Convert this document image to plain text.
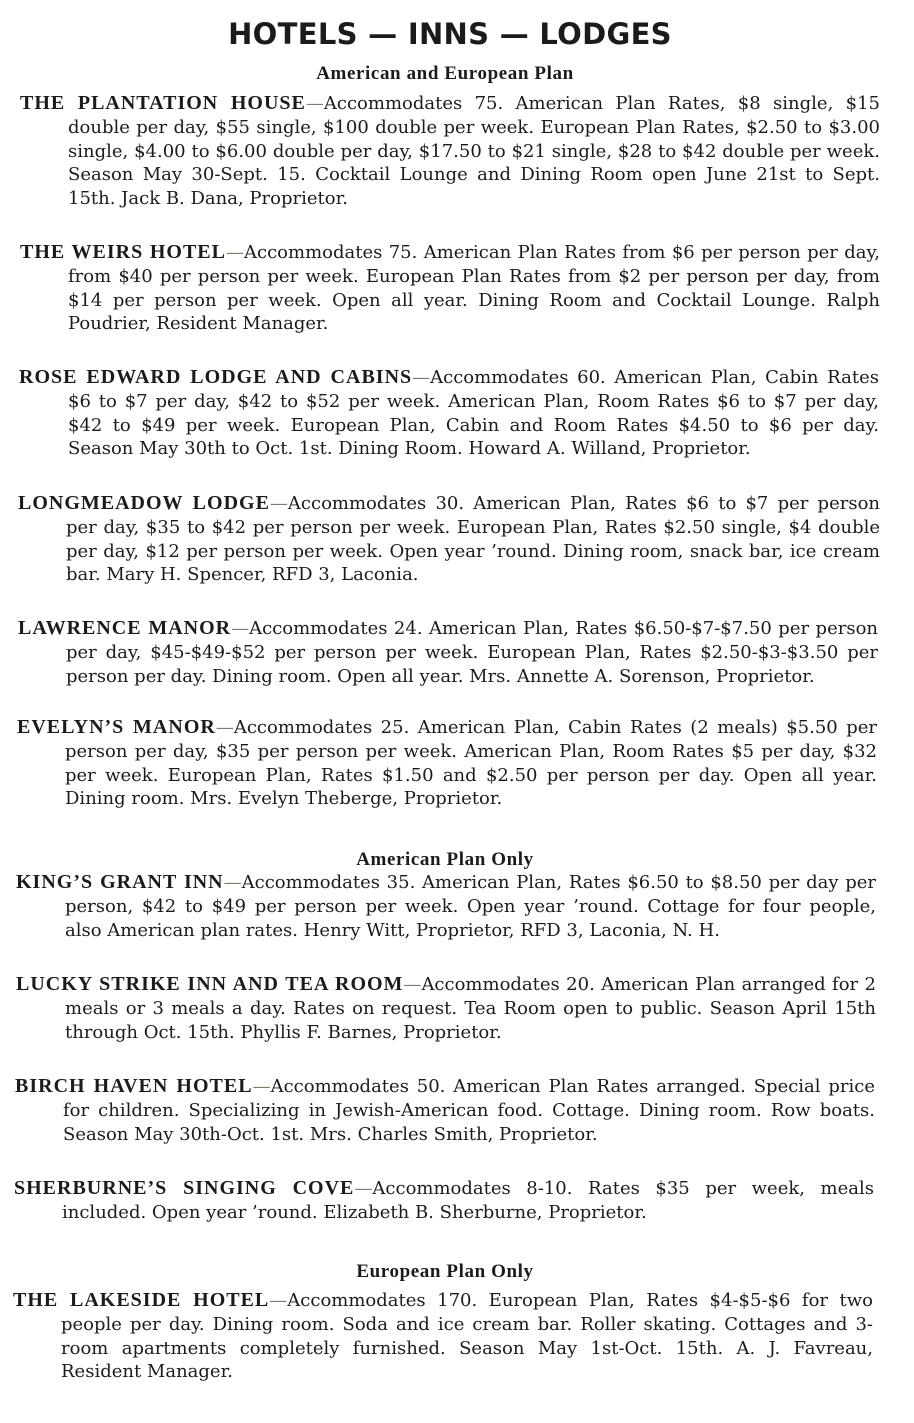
HOTELS — INNS — LODGES
American and European Plan

THE PLANTATION HOUSE—Accommodates 75. American Plan Rates, $8 single, $15 double per day, $55 single, $100 double per week. European Plan Rates, $2.50 to $3.00 single, $4.00 to $6.00 double per day, $17.50 to $21 single, $28 to $42 double per week. Season May 30-Sept. 15. Cocktail Lounge and Dining Room open June 21st to Sept. 15th. Jack B. Dana, Proprietor.

THE WEIRS HOTEL—Accommodates 75. American Plan Rates from $6 per person per day, from $40 per person per week. European Plan Rates from $2 per person per day, from $14 per person per week. Open all year. Dining Room and Cocktail Lounge. Ralph Poudrier, Resident Manager.

ROSE EDWARD LODGE AND CABINS—Accommodates 60. American Plan, Cabin Rates $6 to $7 per day, $42 to $52 per week. American Plan, Room Rates $6 to $7 per day, $42 to $49 per week. European Plan, Cabin and Room Rates $4.50 to $6 per day. Season May 30th to Oct. 1st. Dining Room. Howard A. Willand, Proprietor.

LONGMEADOW LODGE—Accommodates 30. American Plan, Rates $6 to $7 per person per day, $35 to $42 per person per week. European Plan, Rates $2.50 single, $4 double per day, $12 per person per week. Open year ’round. Dining room, snack bar, ice cream bar. Mary H. Spencer, RFD 3, Laconia.

LAWRENCE MANOR—Accommodates 24. American Plan, Rates $6.50-$7-$7.50 per person per day, $45-$49-$52 per person per week. European Plan, Rates $2.50-$3-$3.50 per person per day. Dining room. Open all year. Mrs. Annette A. Sorenson, Proprietor.

EVELYN’S MANOR—Accommodates 25. American Plan, Cabin Rates (2 meals) $5.50 per person per day, $35 per person per week. American Plan, Room Rates $5 per day, $32 per week. European Plan, Rates $1.50 and $2.50 per person per day. Open all year. Dining room. Mrs. Evelyn Theberge, Proprietor.

American Plan Only

KING’S GRANT INN—Accommodates 35. American Plan, Rates $6.50 to $8.50 per day per person, $42 to $49 per person per week. Open year ’round. Cottage for four people, also American plan rates. Henry Witt, Proprietor, RFD 3, Laconia, N. H.

LUCKY STRIKE INN AND TEA ROOM—Accommodates 20. American Plan arranged for 2 meals or 3 meals a day. Rates on request. Tea Room open to public. Season April 15th through Oct. 15th. Phyllis F. Barnes, Proprietor.

BIRCH HAVEN HOTEL—Accommodates 50. American Plan Rates arranged. Special price for children. Specializing in Jewish-American food. Cottage. Dining room. Row boats. Season May 30th-Oct. 1st. Mrs. Charles Smith, Proprietor.

SHERBURNE’S SINGING COVE—Accommodates 8-10. Rates $35 per week, meals included. Open year ’round. Elizabeth B. Sherburne, Proprietor.

European Plan Only

THE LAKESIDE HOTEL—Accommodates 170. European Plan, Rates $4-$5-$6 for two people per day. Dining room. Soda and ice cream bar. Roller skating. Cottages and 3-room apartments completely furnished. Season May 1st-Oct. 15th. A. J. Favreau, Resident Manager.
